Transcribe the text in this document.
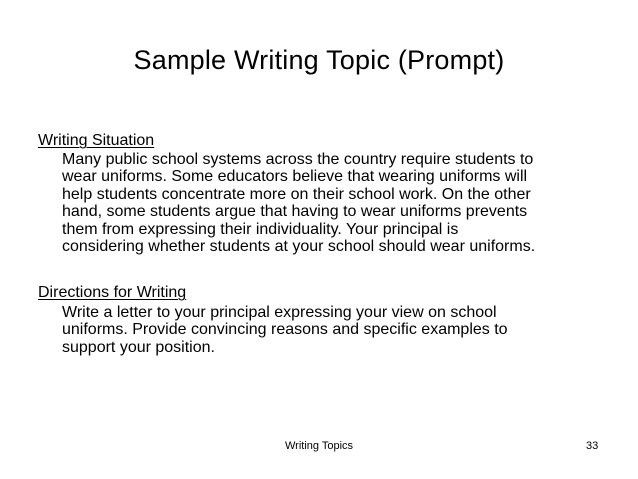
Sample Writing Topic (Prompt)
Writing Situation
Many public school systems across the country require students to
wear uniforms. Some educators believe that wearing uniforms will
help students concentrate more on their school work. On the other
hand, some students argue that having to wear uniforms prevents
them from expressing their individuality. Your principal is
considering whether students at your school should wear uniforms.
Directions for Writing
Write a letter to your principal expressing your view on school
uniforms. Provide convincing reasons and specific examples to
support your position.
Writing Topics	33
